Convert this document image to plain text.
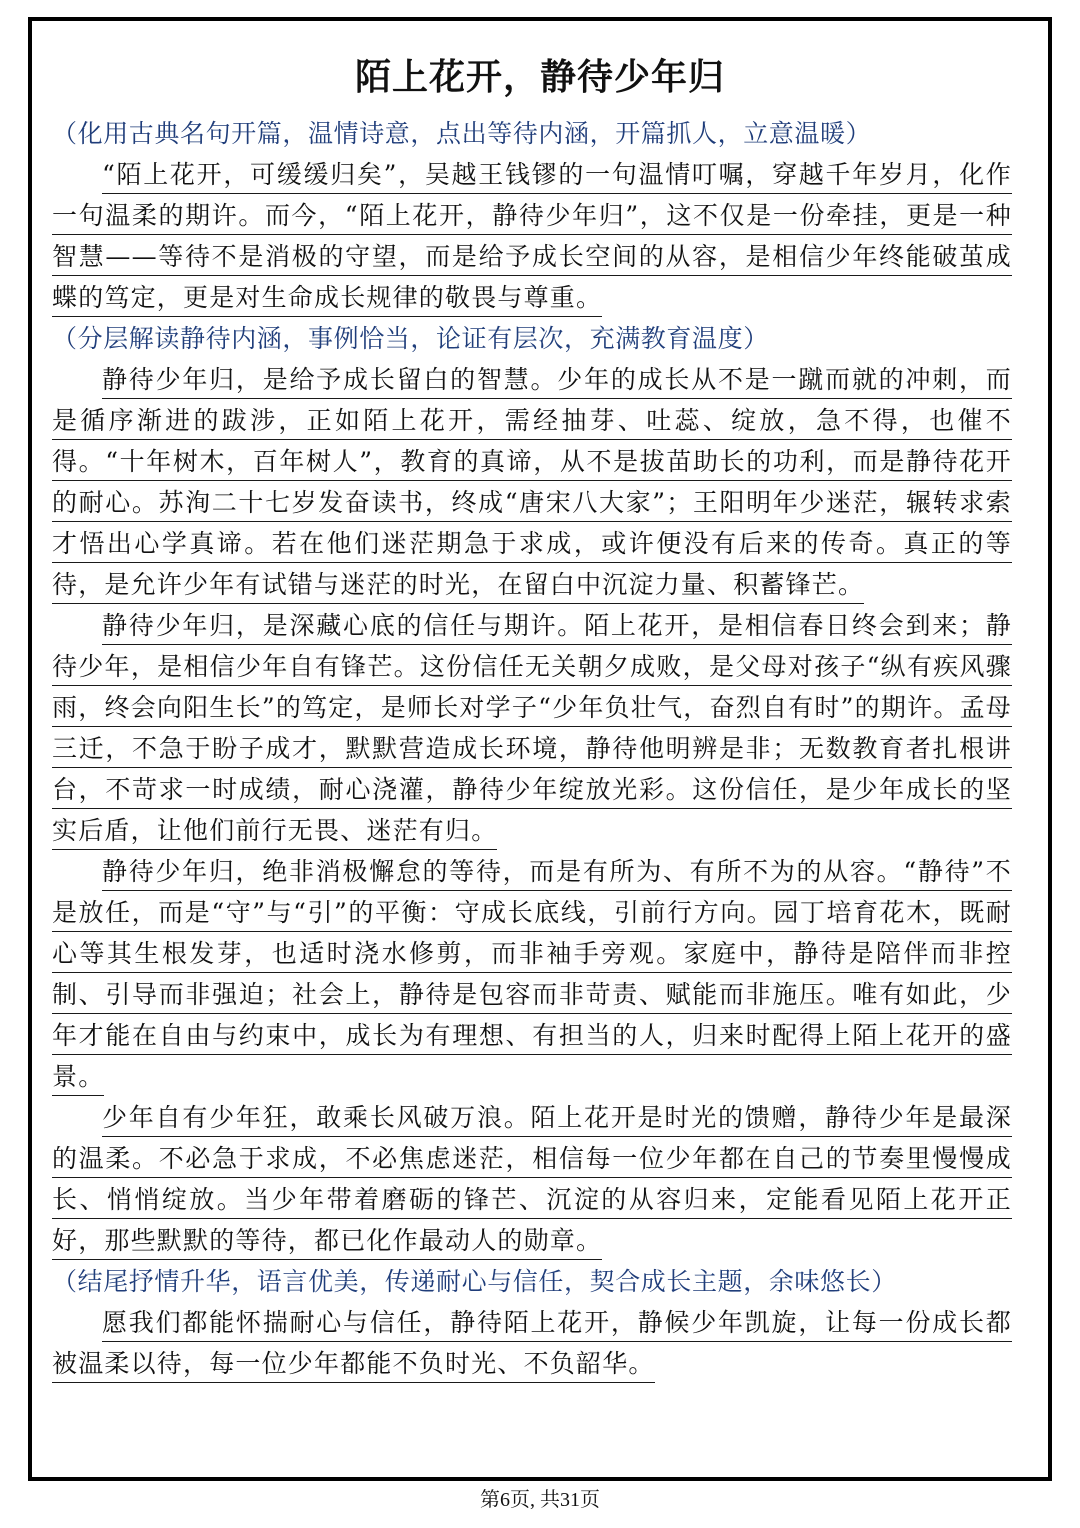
陌上花开，静待少年归

（化用古典名句开篇，温情诗意，点出等待内涵，开篇抓人，立意温暖）

“陌上花开，可缓缓归矣”，吴越王钱镠的一句温情叮嘱，穿越千年岁月，化作一句温柔的期许。而今，“陌上花开，静待少年归”，这不仅是一份牵挂，更是一种智慧——等待不是消极的守望，而是给予成长空间的从容，是相信少年终能破茧成蝶的笃定，更是对生命成长规律的敬畏与尊重。

（分层解读静待内涵，事例恰当，论证有层次，充满教育温度）

静待少年归，是给予成长留白的智慧。少年的成长从不是一蹴而就的冲刺，而是循序渐进的跋涉，正如陌上花开，需经抽芽、吐蕊、绽放，急不得，也催不得。“十年树木，百年树人”，教育的真谛，从不是拔苗助长的功利，而是静待花开的耐心。苏洵二十七岁发奋读书，终成“唐宋八大家”；王阳明年少迷茫，辗转求索才悟出心学真谛。若在他们迷茫期急于求成，或许便没有后来的传奇。真正的等待，是允许少年有试错与迷茫的时光，在留白中沉淀力量、积蓄锋芒。

静待少年归，是深藏心底的信任与期许。陌上花开，是相信春日终会到来；静待少年，是相信少年自有锋芒。这份信任无关朝夕成败，是父母对孩子“纵有疾风骤雨，终会向阳生长”的笃定，是师长对学子“少年负壮气，奋烈自有时”的期许。孟母三迁，不急于盼子成才，默默营造成长环境，静待他明辨是非；无数教育者扎根讲台，不苛求一时成绩，耐心浇灌，静待少年绽放光彩。这份信任，是少年成长的坚实后盾，让他们前行无畏、迷茫有归。

静待少年归，绝非消极懈怠的等待，而是有所为、有所不为的从容。“静待”不是放任，而是“守”与“引”的平衡：守成长底线，引前行方向。园丁培育花木，既耐心等其生根发芽，也适时浇水修剪，而非袖手旁观。家庭中，静待是陪伴而非控制、引导而非强迫；社会上，静待是包容而非苛责、赋能而非施压。唯有如此，少年才能在自由与约束中，成长为有理想、有担当的人，归来时配得上陌上花开的盛景。

少年自有少年狂，敢乘长风破万浪。陌上花开是时光的馈赠，静待少年是最深的温柔。不必急于求成，不必焦虑迷茫，相信每一位少年都在自己的节奏里慢慢成长、悄悄绽放。当少年带着磨砺的锋芒、沉淀的从容归来，定能看见陌上花开正好，那些默默的等待，都已化作最动人的勋章。

（结尾抒情升华，语言优美，传递耐心与信任，契合成长主题，余味悠长）

愿我们都能怀揣耐心与信任，静待陌上花开，静候少年凯旋，让每一份成长都被温柔以待，每一位少年都能不负时光、不负韶华。

第6页, 共31页
